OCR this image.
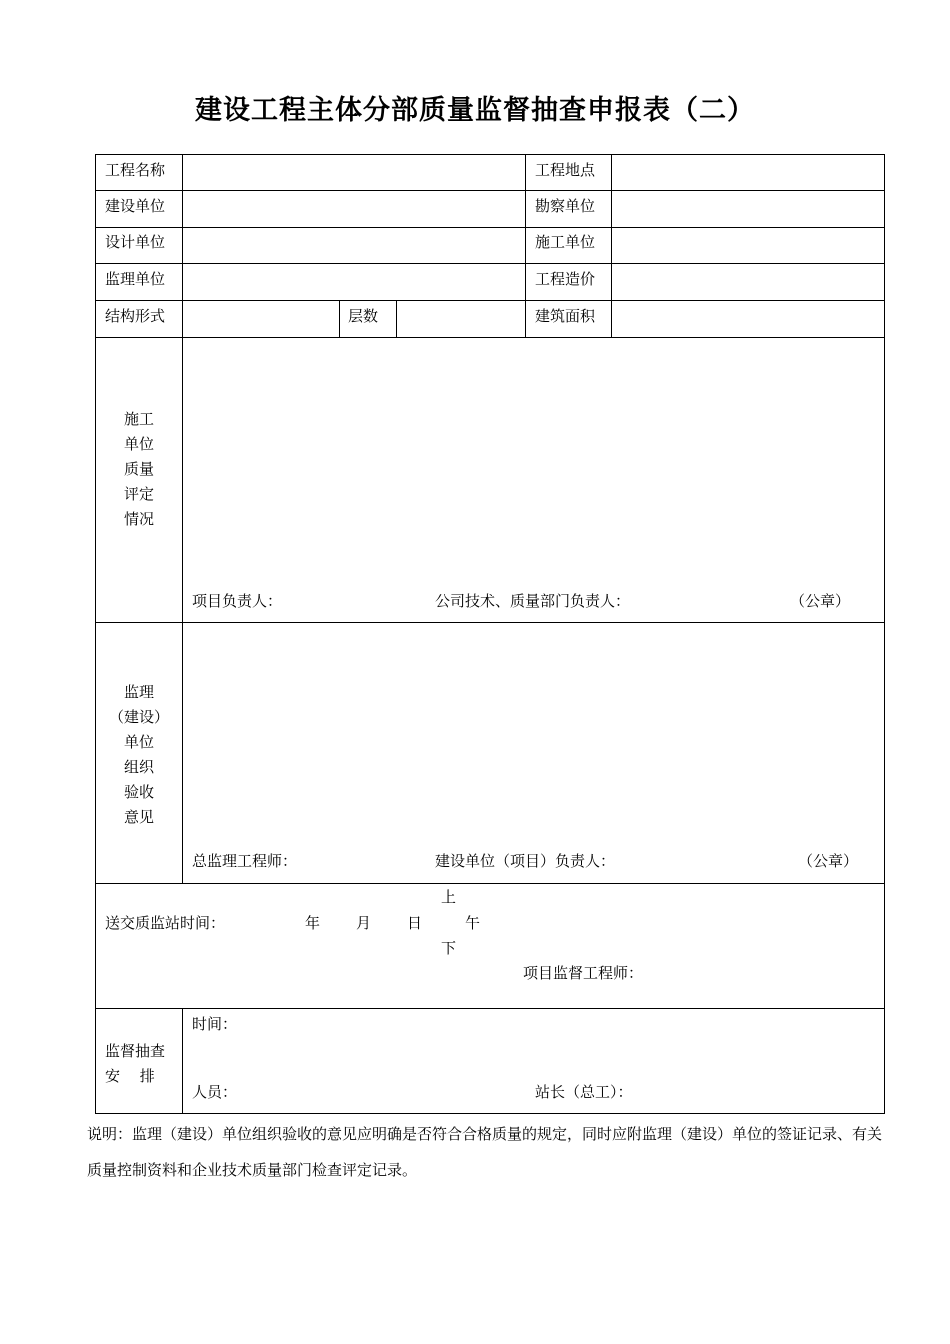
建设工程主体分部质量监督抽查申报表（二）
工程名称	工程地点
建设单位	勘察单位
设计单位	施工单位
监理单位	工程造价
结构形式	层数	建筑面积
施工
单位
质量
评定
情况
项目负责人：	公司技术、质量部门负责人：	（公章）
监理
（建设）
单位
组织
验收
意见
总监理工程师：	建设单位（项目）负责人：	（公章）
上
送交质监站时间：	年 月 日	午
下
项目监督工程师：
监督抽查
安　 排
时间：
人员：	站长（总工）：
说明：监理（建设）单位组织验收的意见应明确是否符合合格质量的规定，同时应附监理（建设）单位的签证记录、有关质量控制资料和企业技术质量部门检查评定记录。
